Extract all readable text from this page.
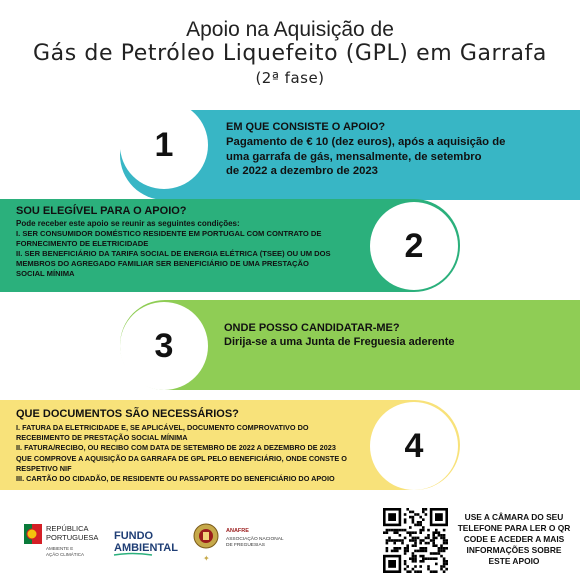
Apoio na Aquisição de
Gás de Petróleo Liquefeito (GPL) em Garrafa
(2ª fase)
1	EM QUE CONSISTE O APOIO?
Pagamento de € 10 (dez euros), após a aquisição de
uma garrafa de gás, mensalmente, de setembro
de 2022 a dezembro de 2023
2
SOU ELEGÍVEL PARA O APOIO?
Pode receber este apoio se reunir as seguintes condições:
I. SER CONSUMIDOR DOMÉSTICO RESIDENTE EM PORTUGAL COM CONTRATO DE
FORNECIMENTO DE ELETRICIDADE
II. SER BENEFICIÁRIO DA TARIFA SOCIAL DE ENERGIA ELÉTRICA (TSEE) OU UM DOS
MEMBROS DO AGREGADO FAMILIAR SER BENEFICIÁRIO DE UMA PRESTAÇÃO
SOCIAL MÍNIMA
3	ONDE POSSO CANDIDATAR-ME?
Dirija-se a uma Junta de Freguesia aderente
4
QUE DOCUMENTOS SÃO NECESSÁRIOS?
I. FATURA DA ELETRICIDADE E, SE APLICÁVEL, DOCUMENTO COMPROVATIVO DO
RECEBIMENTO DE PRESTAÇÃO SOCIAL MÍNIMA
II. FATURA/RECIBO, OU RECIBO COM DATA DE SETEMBRO DE 2022 A DEZEMBRO DE 2023
QUE COMPROVE A AQUISIÇÃO DA GARRAFA DE GPL PELO BENEFICIÁRIO, ONDE CONSTE O
RESPETIVO NIF
III. CARTÃO DO CIDADÃO, DE RESIDENTE OU PASSAPORTE DO BENEFICIÁRIO DO APOIO
REPÚBLICA
PORTUGUESA
AMBIENTE E
AÇÃO CLIMÁTICA
FUNDO
AMBIENTAL
✦
ANAFRE
ASSOCIAÇÃO NACIONAL
DE FREGUESIAS
USE A CÂMARA DO SEU
TELEFONE PARA LER O QR
CODE E ACEDER A MAIS
INFORMAÇÕES SOBRE
ESTE APOIO
